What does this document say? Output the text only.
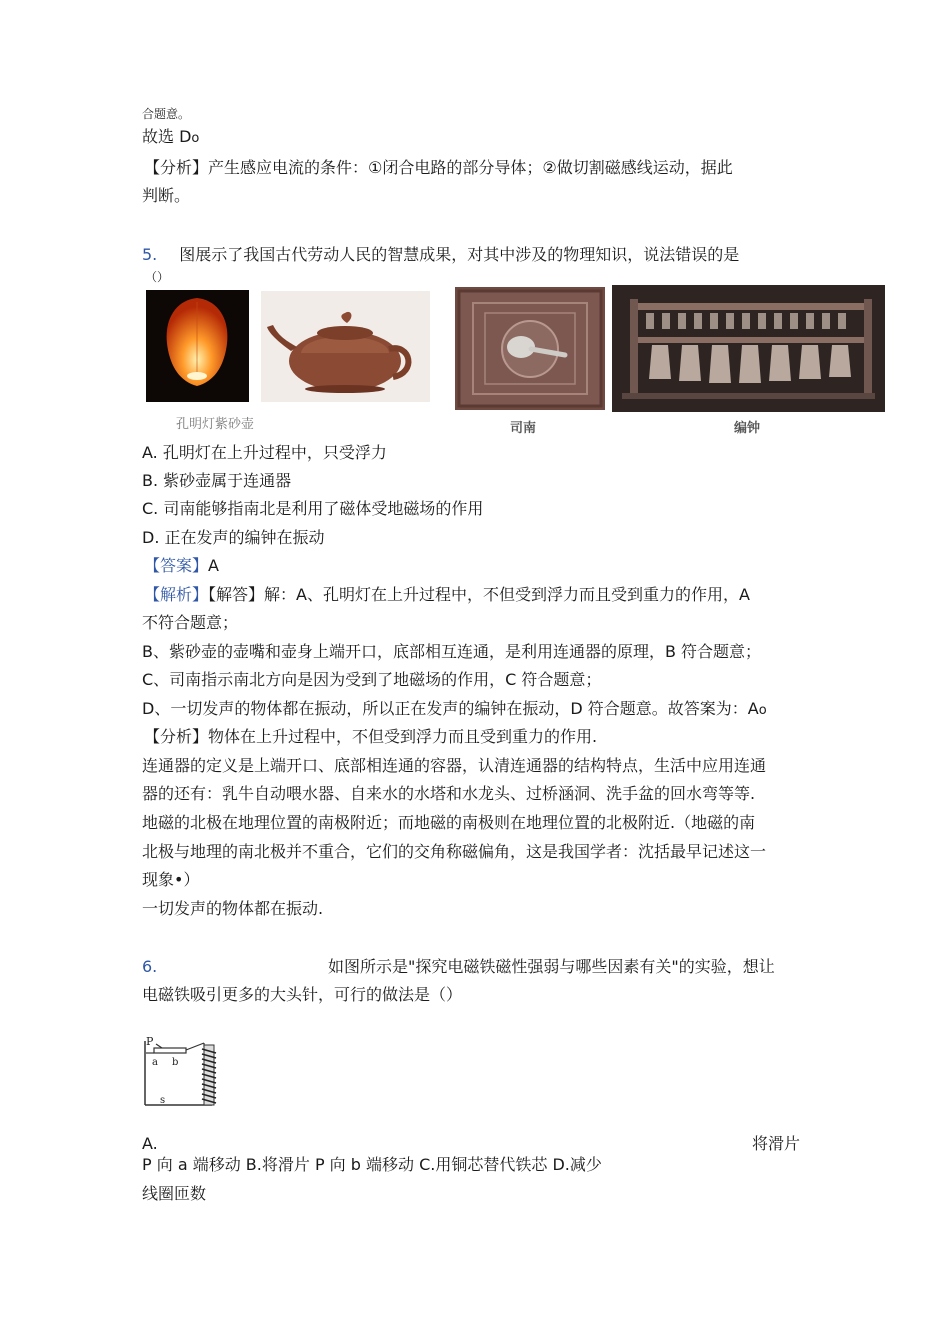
合题意。
故选 Do
【分析】产生感应电流的条件：①闭合电路的部分导体；②做切割磁感线运动，据此
判断。
5. 图展示了我国古代劳动人民的智慧成果，对其中涉及的物理知识，说法错误的是
（）
孔明灯紫砂壶	司南	编钟
A. 孔明灯在上升过程中，只受浮力
B. 紫砂壶属于连通器
C. 司南能够指南北是利用了磁体受地磁场的作用
D. 正在发声的编钟在振动
【答案】A
【解析】【解答】解：A、孔明灯在上升过程中，不但受到浮力而且受到重力的作用，A
不符合题意；
B、紫砂壶的壶嘴和壶身上端开口，底部相互连通，是利用连通器的原理，B 符合题意；
C、司南指示南北方向是因为受到了地磁场的作用，C 符合题意；
D、一切发声的物体都在振动，所以正在发声的编钟在振动，D 符合题意。故答案为：Ao
【分析】物体在上升过程中，不但受到浮力而且受到重力的作用.
连通器的定义是上端开口、底部相连通的容器，认清连通器的结构特点，生活中应用连通
器的还有：乳牛自动喂水器、自来水的水塔和水龙头、过桥涵洞、洗手盆的回水弯等等.
地磁的北极在地理位置的南极附近；而地磁的南极则在地理位置的北极附近.（地磁的南
北极与地理的南北极并不重合，它们的交角称磁偏角，这是我国学者：沈括最早记述这一
现象•）
一切发声的物体都在振动.
6.	如图所示是"探究电磁铁磁性强弱与哪些因素有关"的实验，想让
电磁铁吸引更多的大头针，可行的做法是（）
P
a b
s
A.	将滑片
P 向 a 端移动 B.将滑片 P 向 b 端移动 C.用铜芯替代铁芯 D.减少
线圈匝数
